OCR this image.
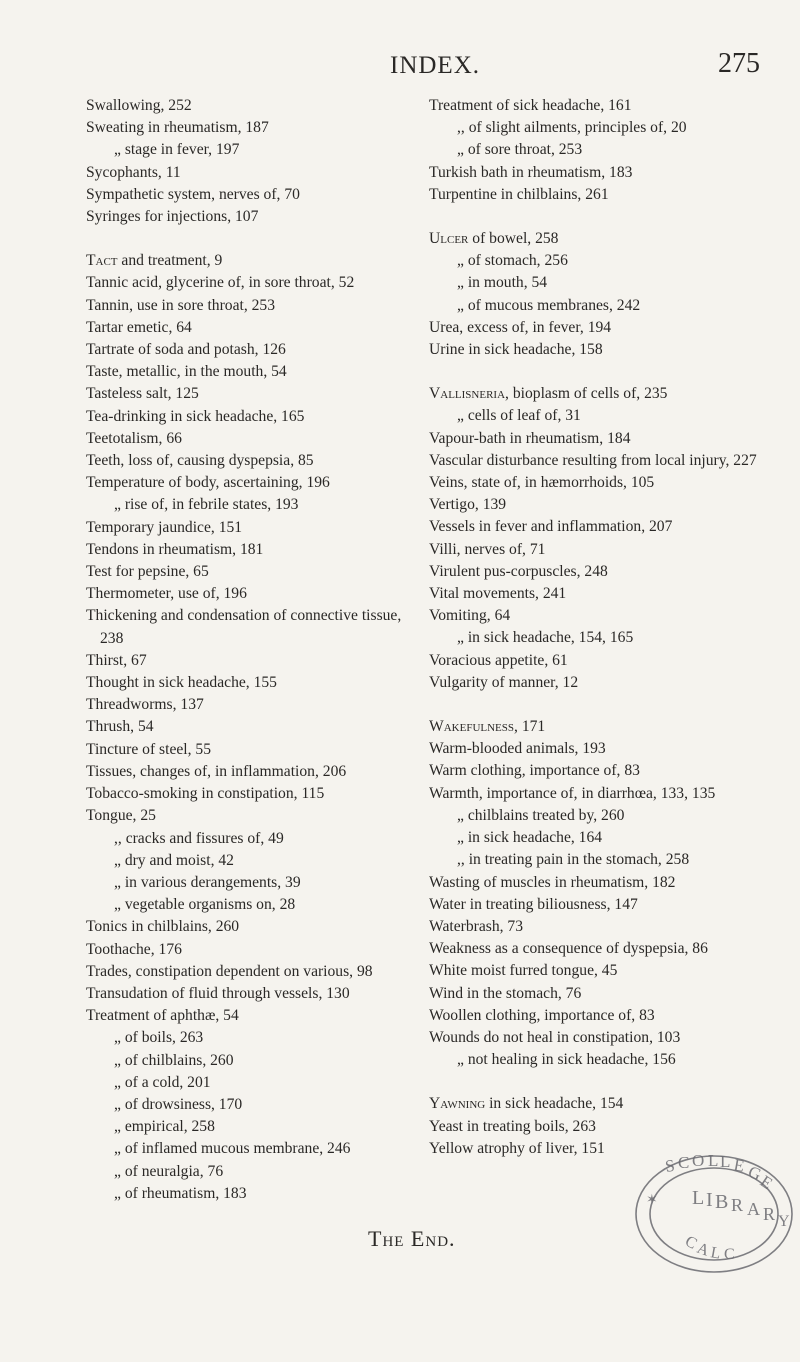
INDEX.	275
Swallowing, 252
Sweating in rheumatism, 187
„ stage in fever, 197
Sycophants, 11
Sympathetic system, nerves of, 70
Syringes for injections, 107
Tact and treatment, 9
Tannic acid, glycerine of, in sore throat, 52
Tannin, use in sore throat, 253
Tartar emetic, 64
Tartrate of soda and potash, 126
Taste, metallic, in the mouth, 54
Tasteless salt, 125
Tea-drinking in sick headache, 165
Teetotalism, 66
Teeth, loss of, causing dyspepsia, 85
Temperature of body, ascertaining, 196
„ rise of, in febrile states, 193
Temporary jaundice, 151
Tendons in rheumatism, 181
Test for pepsine, 65
Thermometer, use of, 196
Thickening and condensation of connective tissue, 238
Thirst, 67
Thought in sick headache, 155
Threadworms, 137
Thrush, 54
Tincture of steel, 55
Tissues, changes of, in inflammation, 206
Tobacco-smoking in constipation, 115
Tongue, 25
,, cracks and fissures of, 49
„ dry and moist, 42
„ in various derangements, 39
„ vegetable organisms on, 28
Tonics in chilblains, 260
Toothache, 176
Trades, constipation dependent on various, 98
Transudation of fluid through vessels, 130
Treatment of aphthæ, 54
„ of boils, 263
„ of chilblains, 260
„ of a cold, 201
„ of drowsiness, 170
„ empirical, 258
„ of inflamed mucous membrane, 246
„ of neuralgia, 76
„ of rheumatism, 183
Treatment of sick headache, 161
,, of slight ailments, principles of, 20
„ of sore throat, 253
Turkish bath in rheumatism, 183
Turpentine in chilblains, 261
Ulcer of bowel, 258
„ of stomach, 256
„ in mouth, 54
„ of mucous membranes, 242
Urea, excess of, in fever, 194
Urine in sick headache, 158
Vallisneria, bioplasm of cells of, 235
„ cells of leaf of, 31
Vapour-bath in rheumatism, 184
Vascular disturbance resulting from local injury, 227
Veins, state of, in hæmorrhoids, 105
Vertigo, 139
Vessels in fever and inflammation, 207
Villi, nerves of, 71
Virulent pus-corpuscles, 248
Vital movements, 241
Vomiting, 64
„ in sick headache, 154, 165
Voracious appetite, 61
Vulgarity of manner, 12
Wakefulness, 171
Warm-blooded animals, 193
Warm clothing, importance of, 83
Warmth, importance of, in diarrhœa, 133, 135
„ chilblains treated by, 260
„ in sick headache, 164
,, in treating pain in the stomach, 258
Wasting of muscles in rheumatism, 182
Water in treating biliousness, 147
Waterbrash, 73
Weakness as a consequence of dyspepsia, 86
White moist furred tongue, 45
Wind in the stomach, 76
Woollen clothing, importance of, 83
Wounds do not heal in constipation, 103
„ not healing in sick headache, 156
Yawning in sick headache, 154
Yeast in treating boils, 263
Yellow atrophy of liver, 151
The End.
S C O L L E G
E
L I B R A R Y
✶
C
A
L C
